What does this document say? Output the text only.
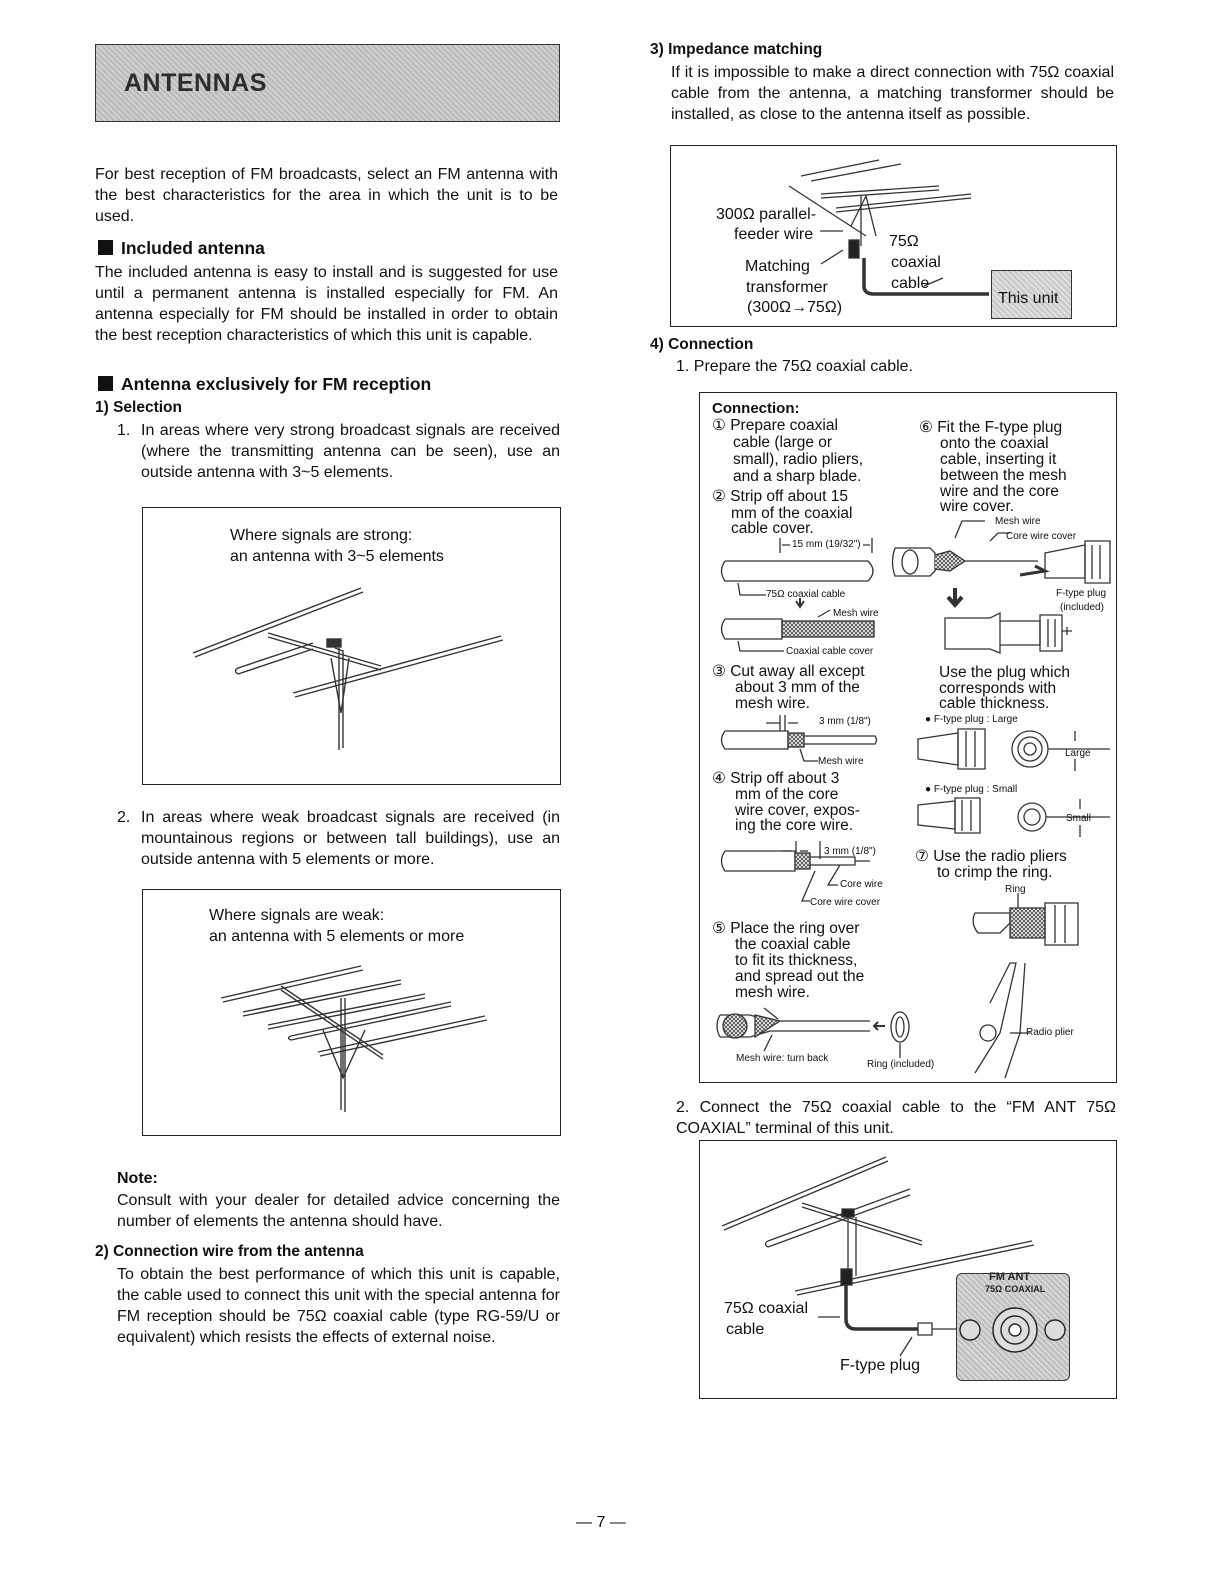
ANTENNAS
For best reception of FM broadcasts, select an FM antenna with the best characteristics for the area in which the unit is to be used.
Included antenna
The included antenna is easy to install and is suggested for use until a permanent antenna is installed especially for FM. An antenna especially for FM should be installed in order to obtain the best reception characteristics of which this unit is capable.
Antenna exclusively for FM reception
1) Selection
1. In areas where very strong broadcast signals are received (where the transmitting antenna can be seen), use an outside antenna with 3~5 elements.
Where signals are strong:
an antenna with 3~5 elements
2. In areas where weak broadcast signals are received (in mountainous regions or between tall buildings), use an outside antenna with 5 elements or more.
Where signals are weak:
an antenna with 5 elements or more
Note:
Consult with your dealer for detailed advice concerning the number of elements the antenna should have.
2) Connection wire from the antenna
To obtain the best performance of which this unit is capable, the cable used to connect this unit with the special antenna for FM reception should be 75Ω coaxial cable (type RG-59/U or equivalent) which resists the effects of external noise.
3) Impedance matching
If it is impossible to make a direct connection with 75Ω coaxial cable from the antenna, a matching transformer should be installed, as close to the antenna itself as possible.
300Ω parallel-
feeder wire
Matching
transformer
(300Ω→75Ω)
75Ω
coaxial
cable
This unit
4) Connection
1. Prepare the 75Ω coaxial cable.
Connection:
① Prepare coaxial
cable (large or
small), radio pliers,
and a sharp blade.
② Strip off about 15
mm of the coaxial
cable cover.
15 mm (19/32")
75Ω coaxial cable
Mesh wire
Coaxial cable cover
③ Cut away all except
about 3 mm of the
mesh wire.
3 mm (1/8")
Mesh wire
④ Strip off about 3
mm of the core
wire cover, expos-
ing the core wire.
3 mm (1/8")
Core wire
Core wire cover
⑤ Place the ring over
the coaxial cable
to fit its thickness,
and spread out the
mesh wire.
Mesh wire: turn back
Ring (included)
⑥ Fit the F-type plug
onto the coaxial
cable, inserting it
between the mesh
wire and the core
wire cover.
Mesh wire
Core wire cover
F-type plug
(included)
Use the plug which
corresponds with
cable thickness.
● F-type plug : Large
Large
● F-type plug : Small
Small
⑦ Use the radio pliers
to crimp the ring.
Ring
Radio plier
2. Connect the 75Ω coaxial cable to the “FM ANT 75Ω COAXIAL” terminal of this unit.
FM ANT
75Ω COAXIAL
75Ω coaxial
cable
F-type plug
— 7 —
